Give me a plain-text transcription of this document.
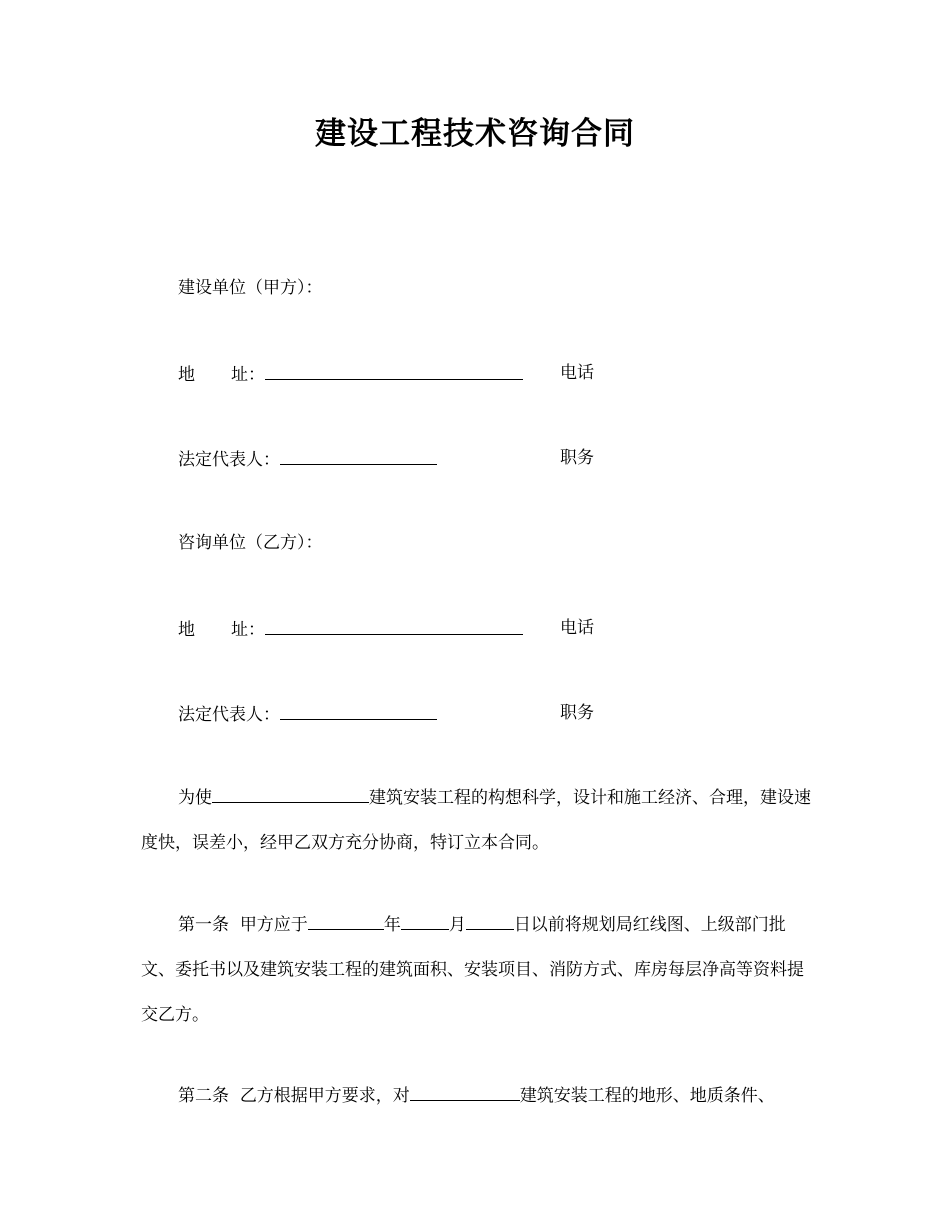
建设工程技术咨询合同
建设单位（甲方）：
地 址：	电话
法定代表人：	职务
咨询单位（乙方）：
地 址：	电话
法定代表人：	职务
为使	建筑安装工程的构想科学，设计和施工经济、合理，建设速度快，误差小，经甲乙双方充分协商，特订立本合同。
第一条 甲方应于	年	月	日以前将规划局红线图、上级部门批文、委托书以及建筑安装工程的建筑面积、安装项目、消防方式、库房每层净高等资料提交乙方。
第二条 乙方根据甲方要求，对	建筑安装工程的地形、地质条件、
